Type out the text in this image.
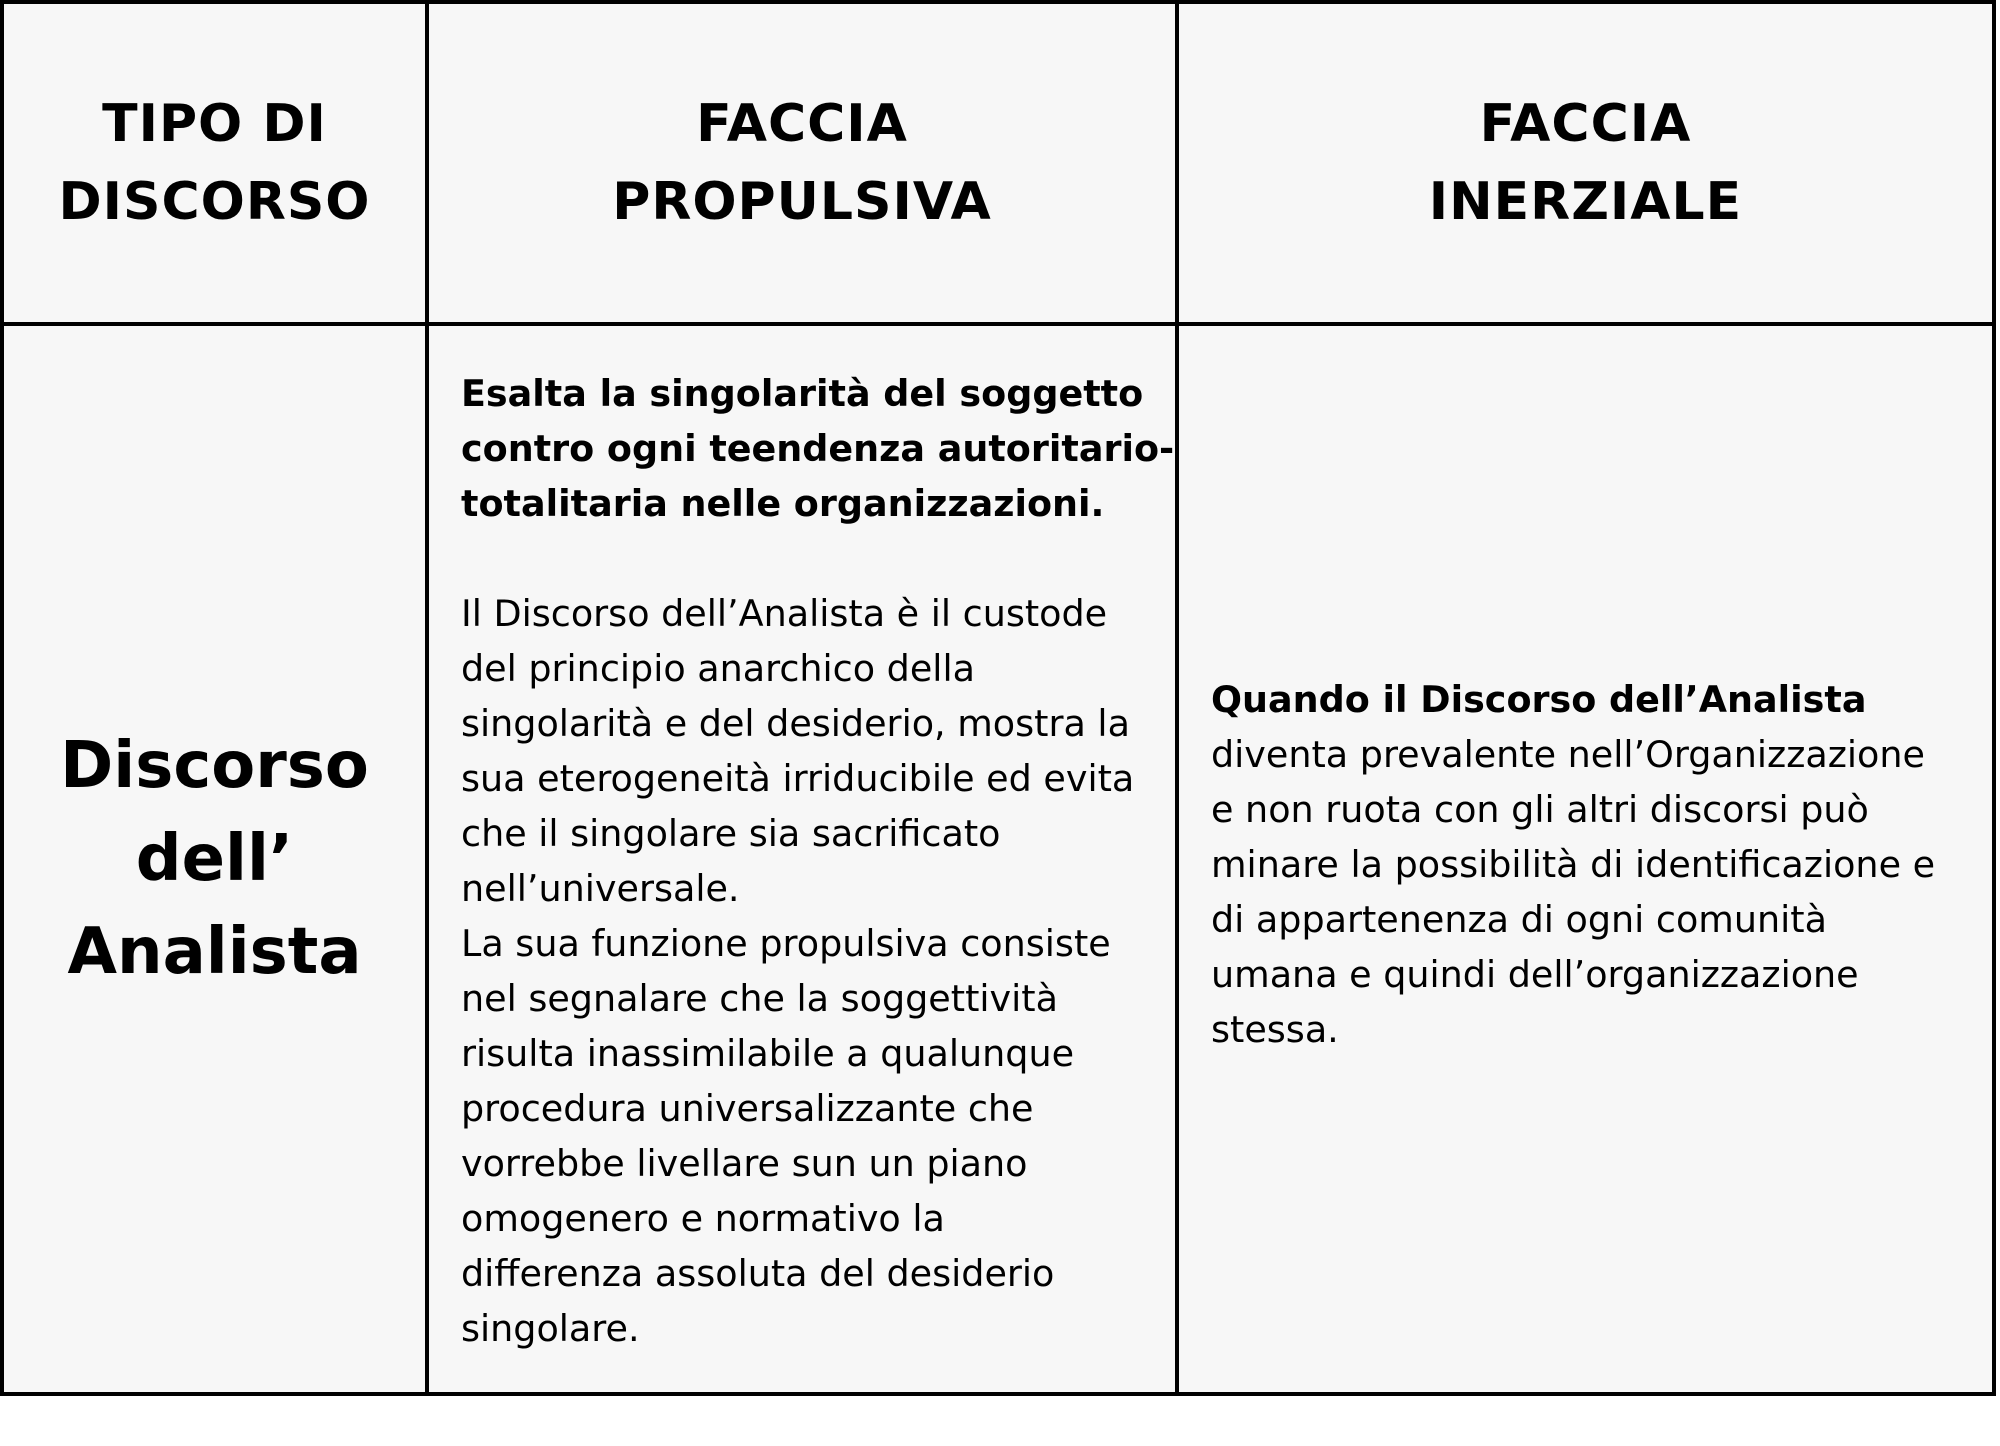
TIPO DI
DISCORSO
FACCIA
PROPULSIVA
FACCIA
INERZIALE
Discorso
dell’
Analista
Esalta la singolarità del soggetto
contro ogni teendenza autoritario-
totalitaria nelle organizzazioni.
Il Discorso dell’Analista è il custode
del principio anarchico della
singolarità e del desiderio, mostra la
sua eterogeneità irriducibile ed evita
che il singolare sia sacrificato
nell’universale.
La sua funzione propulsiva consiste
nel segnalare che la soggettività
risulta inassimilabile a qualunque
procedura universalizzante che
vorrebbe livellare sun un piano
omogenero e normativo la
differenza assoluta del desiderio
singolare.
Quando il Discorso dell’Analista
diventa prevalente nell’Organizzazione
e non ruota con gli altri discorsi può
minare la possibilità di identificazione e
di appartenenza di ogni comunità
umana e quindi dell’organizzazione
stessa.
